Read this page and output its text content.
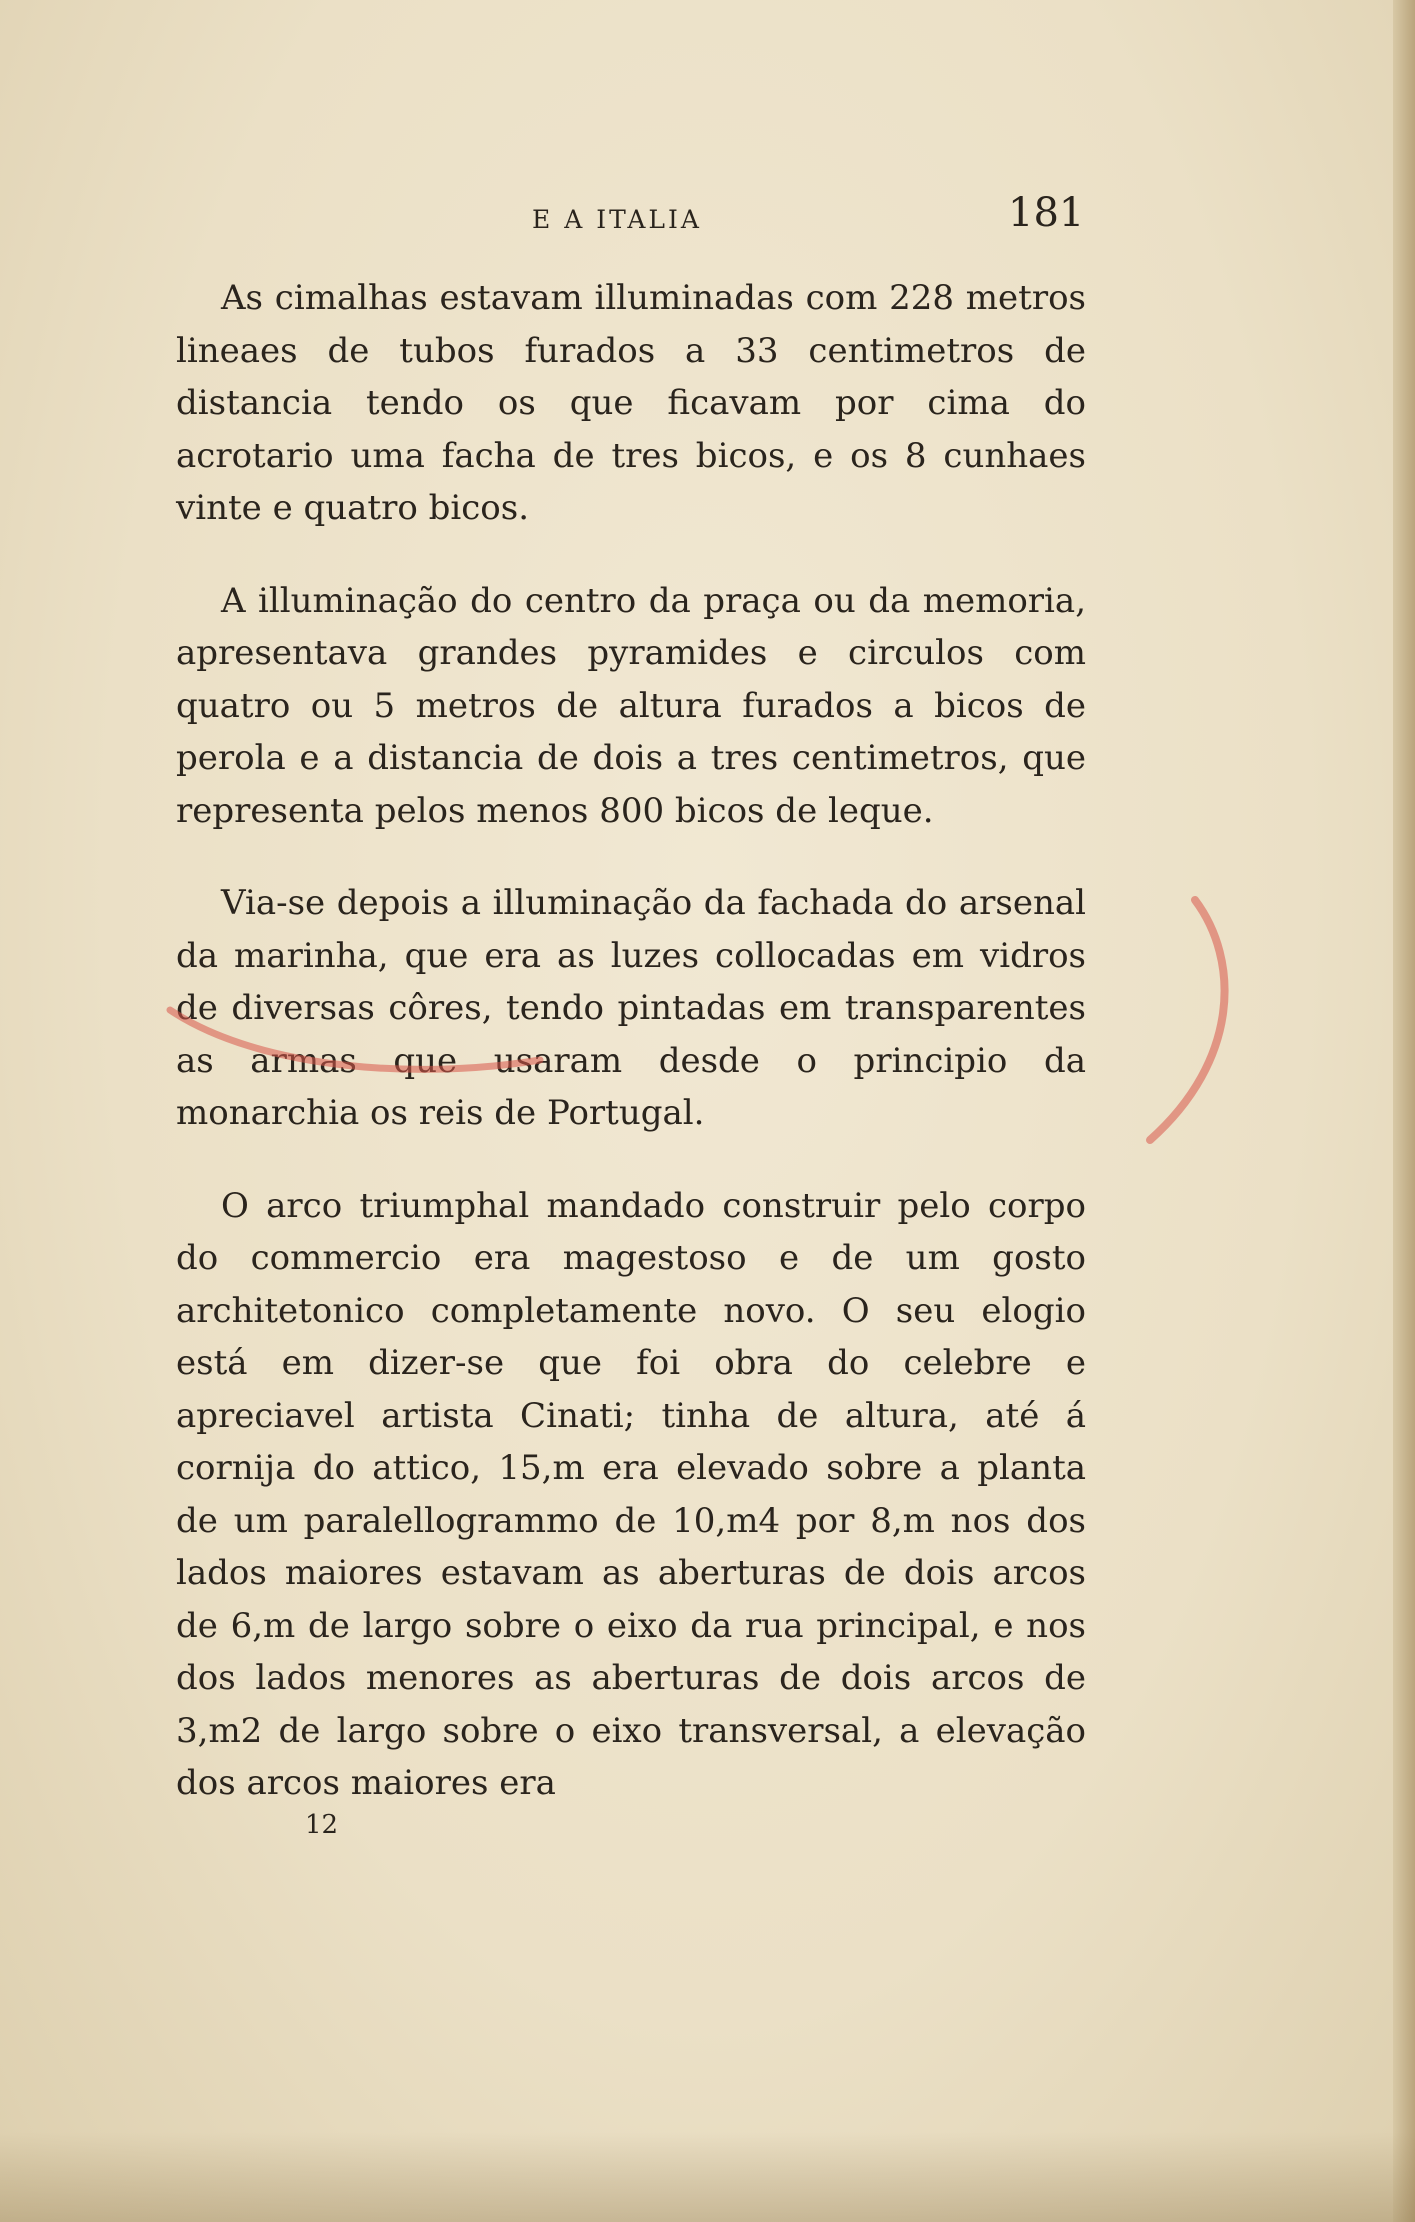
E A ITALIA	181

As cimalhas estavam illuminadas com 228 metros lineaes de tubos furados a 33 centimetros de distancia tendo os que ficavam por cima do acrotario uma facha de tres bicos, e os 8 cunhaes vinte e quatro bicos.

A illuminação do centro da praça ou da memoria, apresentava grandes pyramides e circulos com quatro ou 5 metros de altura furados a bicos de perola e a distancia de dois a tres centimetros, que representa pelos menos 800 bicos de leque.

Via-se depois a illuminação da fachada do arsenal da marinha, que era as luzes collocadas em vidros de diversas côres, tendo pintadas em transparentes as armas que usaram desde o principio da monarchia os reis de Portugal.

O arco triumphal mandado construir pelo corpo do commercio era magestoso e de um gosto architetonico completamente novo. O seu elogio está em dizer-se que foi obra do celebre e apreciavel artista Cinati; tinha de altura, até á cornija do attico, 15,m era elevado sobre a planta de um paralellogrammo de 10,m4 por 8,m nos dos lados maiores estavam as aberturas de dois arcos de 6,m de largo sobre o eixo da rua principal, e nos dos lados menores as aberturas de dois arcos de 3,m2 de largo sobre o eixo transversal, a elevação dos arcos maiores era

12
